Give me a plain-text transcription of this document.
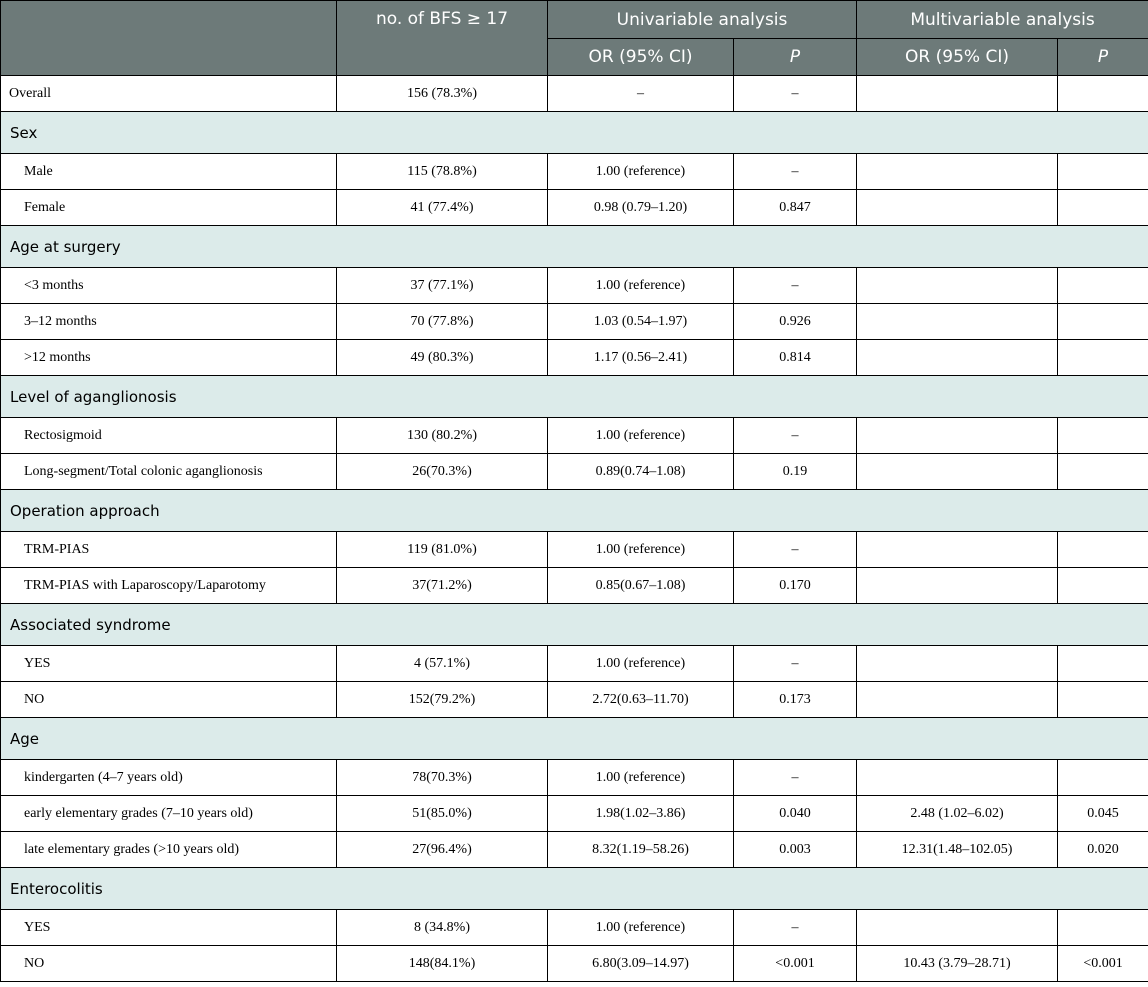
	no. of BFS ≥ 17	Univariable analysis		Multivariable analysis	
		OR (95% CI)	P	OR (95% CI)	P
Overall	156 (78.3%)	–	–		
Sex					
Male	115 (78.8%)	1.00 (reference)	–		
Female	41 (77.4%)	0.98 (0.79–1.20)	0.847		
Age at surgery					
<3 months	37 (77.1%)	1.00 (reference)	–		
3–12 months	70 (77.8%)	1.03 (0.54–1.97)	0.926		
>12 months	49 (80.3%)	1.17 (0.56–2.41)	0.814		
Level of aganglionosis					
Rectosigmoid	130 (80.2%)	1.00 (reference)	–		
Long-segment/Total colonic aganglionosis	26(70.3%)	0.89(0.74–1.08)	0.19		
Operation approach					
TRM-PIAS	119 (81.0%)	1.00 (reference)	–		
TRM-PIAS with Laparoscopy/Laparotomy	37(71.2%)	0.85(0.67–1.08)	0.170		
Associated syndrome					
YES	4 (57.1%)	1.00 (reference)	–		
NO	152(79.2%)	2.72(0.63–11.70)	0.173		
Age					
kindergarten (4–7 years old)	78(70.3%)	1.00 (reference)	–		
early elementary grades (7–10 years old)	51(85.0%)	1.98(1.02–3.86)	0.040	2.48 (1.02–6.02)	0.045
late elementary grades (>10 years old)	27(96.4%)	8.32(1.19–58.26)	0.003	12.31(1.48–102.05)	0.020
Enterocolitis					
YES	8 (34.8%)	1.00 (reference)	–		
NO	148(84.1%)	6.80(3.09–14.97)	<0.001	10.43 (3.79–28.71)	<0.001
